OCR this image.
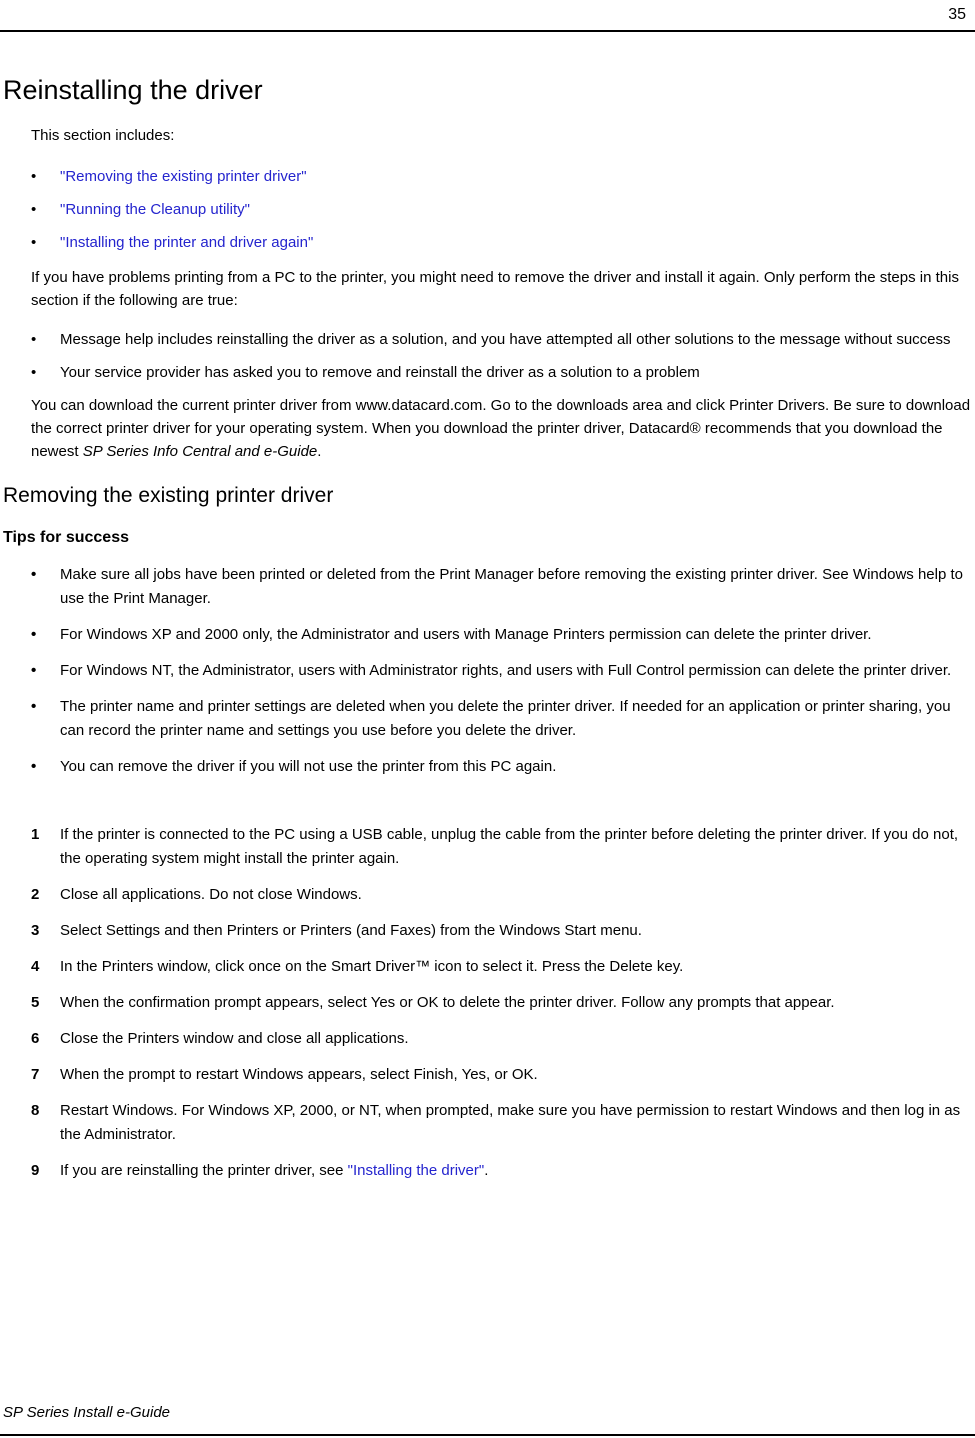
35
Reinstalling the driver

This section includes:

•	"Removing the existing printer driver"
•	"Running the Cleanup utility"
•	"Installing the printer and driver again"

If you have problems printing from a PC to the printer, you might need to remove the driver and install it again. Only perform the steps in this section if the following are true:

•	Message help includes reinstalling the driver as a solution, and you have attempted all other solutions to the message without success
•	Your service provider has asked you to remove and reinstall the driver as a solution to a problem

You can download the current printer driver from www.datacard.com. Go to the downloads area and click Printer Drivers. Be sure to download the correct printer driver for your operating system. When you download the printer driver, Datacard® recommends that you download the newest SP Series Info Central and e-Guide.

Removing the existing printer driver
Tips for success
•	Make sure all jobs have been printed or deleted from the Print Manager before removing the existing printer driver. See Windows help to use the Print Manager.
•	For Windows XP and 2000 only, the Administrator and users with Manage Printers permission can delete the printer driver.
•	For Windows NT, the Administrator, users with Administrator rights, and users with Full Control permission can delete the printer driver.
•	The printer name and printer settings are deleted when you delete the printer driver. If needed for an application or printer sharing, you can record the printer name and settings you use before you delete the driver.
•	You can remove the driver if you will not use the printer from this PC again.
1	If the printer is connected to the PC using a USB cable, unplug the cable from the printer before deleting the printer driver. If you do not, the operating system might install the printer again.
2	Close all applications. Do not close Windows.
3	Select Settings and then Printers or Printers (and Faxes) from the Windows Start menu.
4	In the Printers window, click once on the Smart Driver™ icon to select it. Press the Delete key.
5	When the confirmation prompt appears, select Yes or OK to delete the printer driver. Follow any prompts that appear.
6	Close the Printers window and close all applications.
7	When the prompt to restart Windows appears, select Finish, Yes, or OK.
8	Restart Windows. For Windows XP, 2000, or NT, when prompted, make sure you have permission to restart Windows and then log in as the Administrator.
9	If you are reinstalling the printer driver, see "Installing the driver".
SP Series Install e-Guide
